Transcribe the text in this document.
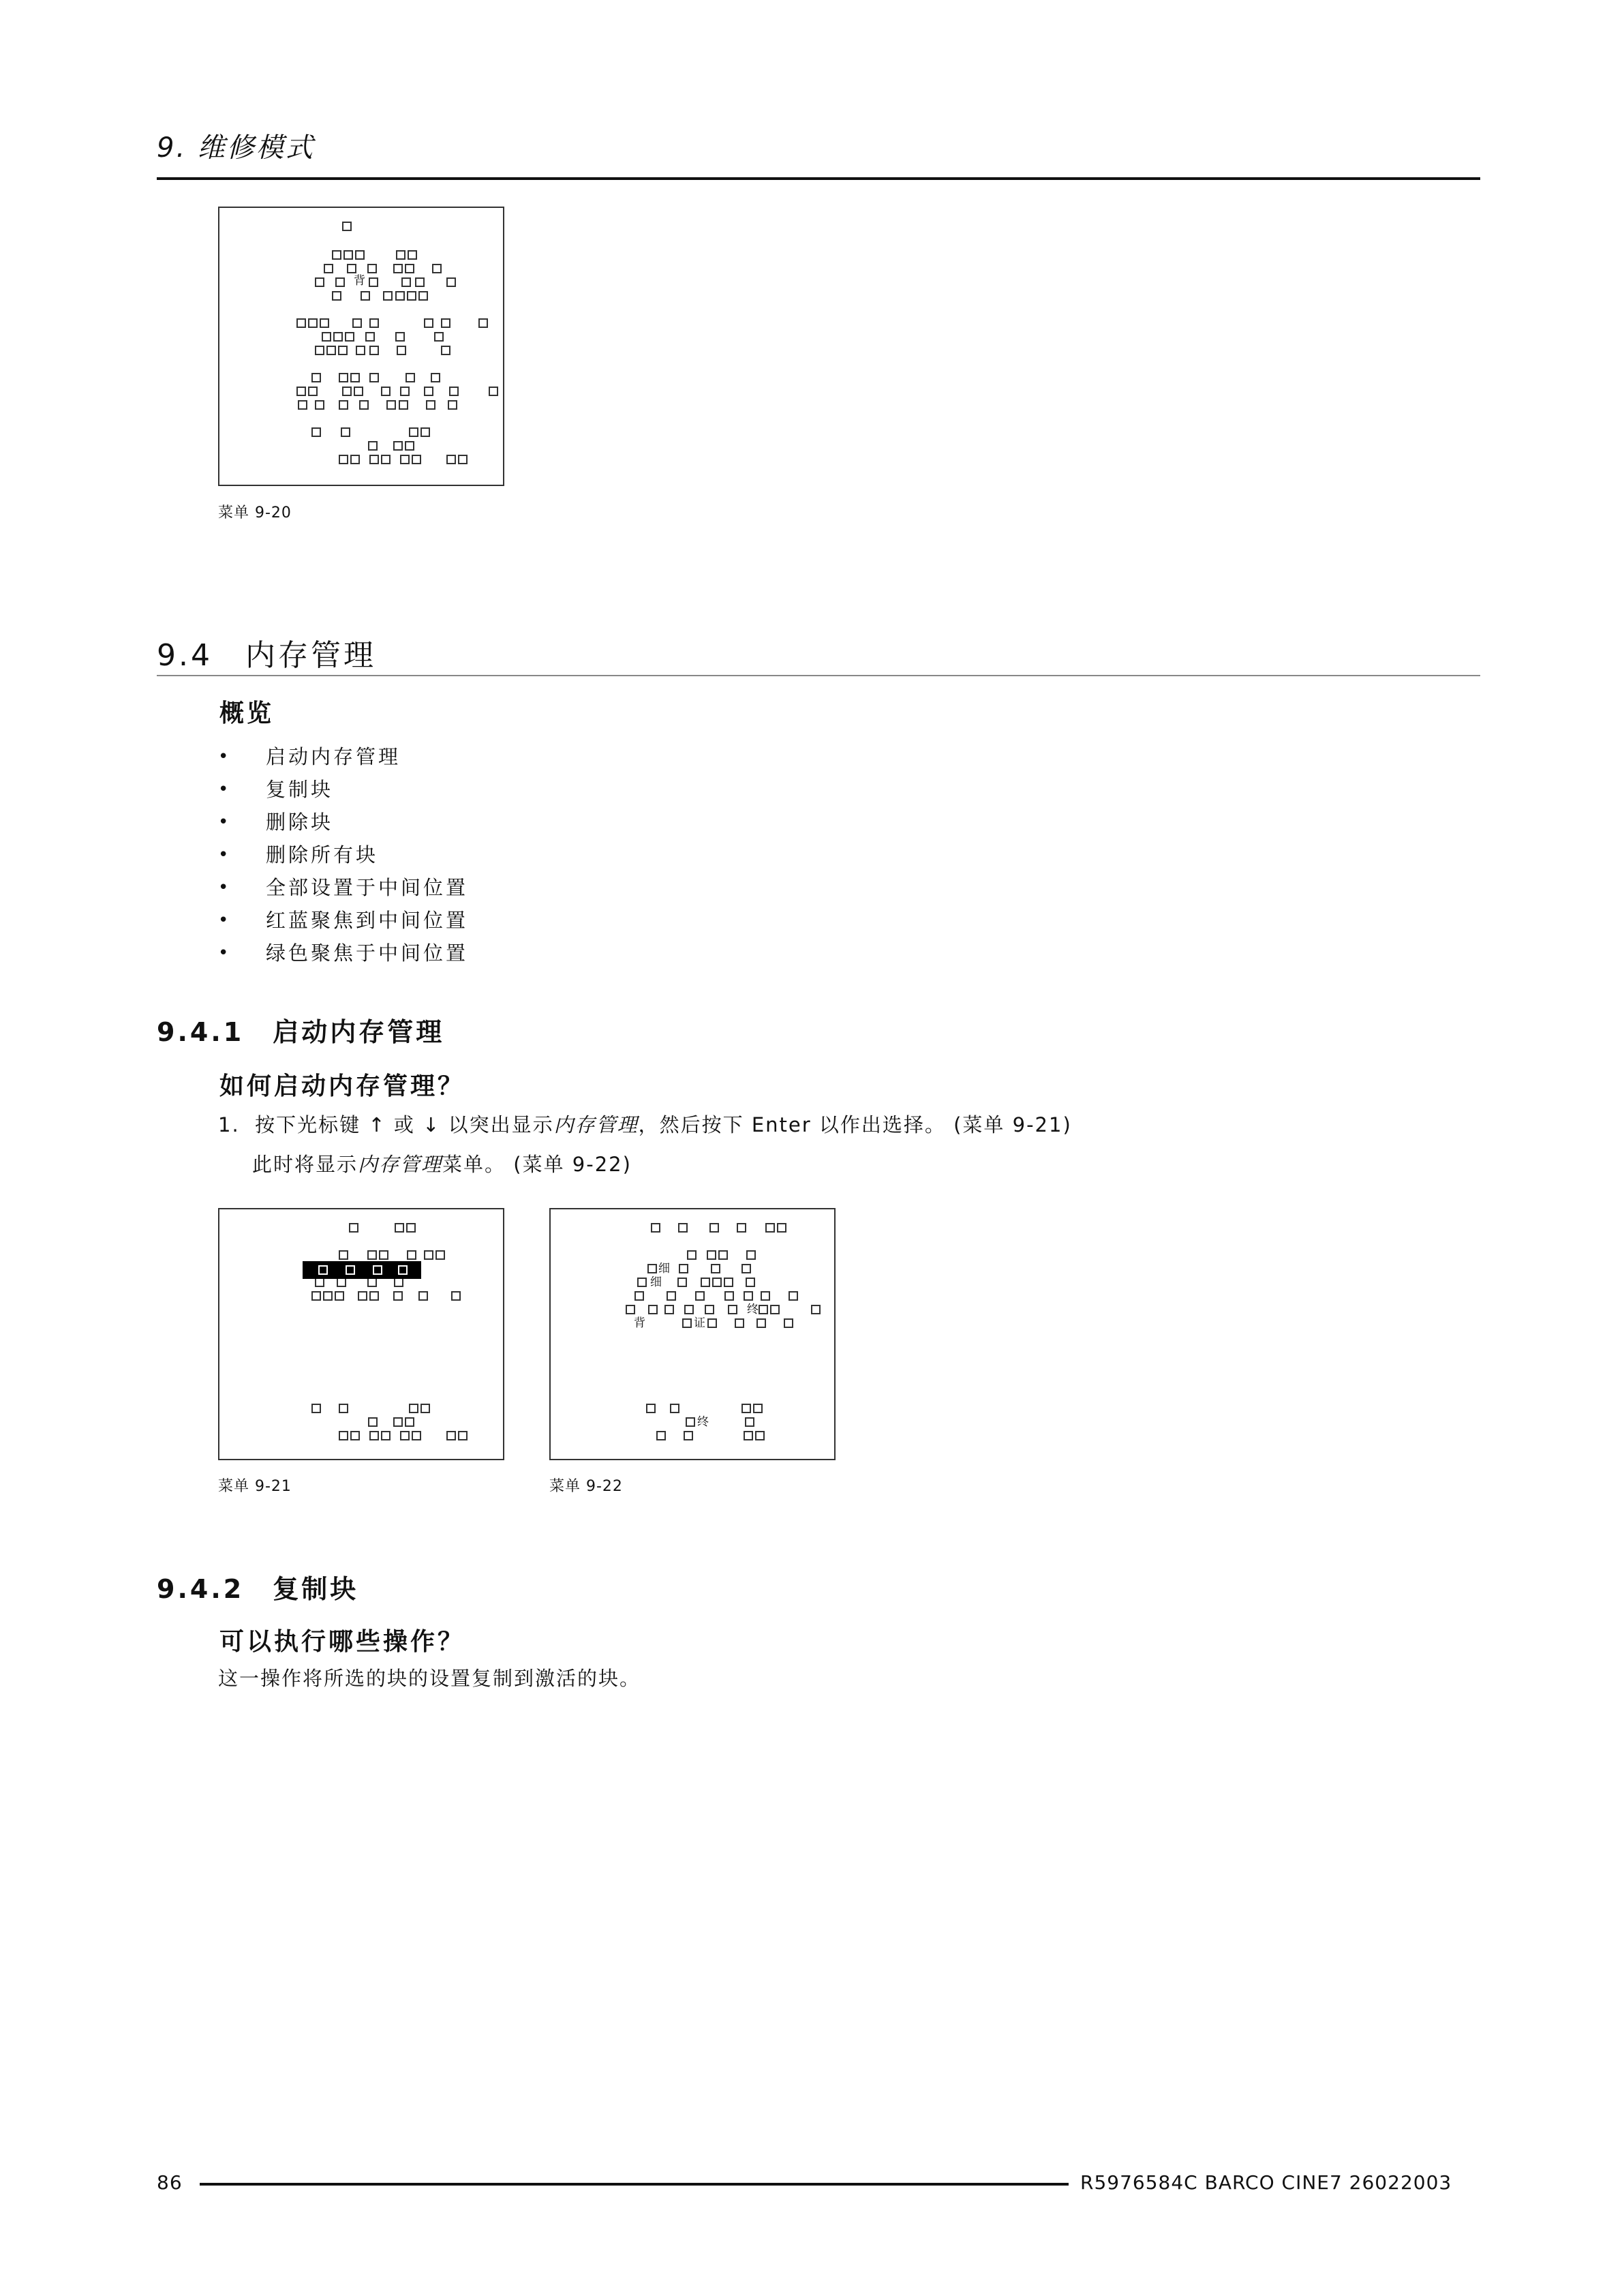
9. 维修模式
背
菜单 9-20
9.4　内存管理
概览
• 启动内存管理
• 复制块
• 删除块
• 删除所有块
• 全部设置于中间位置
• 红蓝聚焦到中间位置
• 绿色聚焦于中间位置
9.4.1　启动内存管理
如何启动内存管理？
1. 按下光标键 ↑ 或 ↓ 以突出显示内存管理，然后按下 Enter 以作出选择。 (菜单 9-21)
此时将显示内存管理菜单。 (菜单 9-22)
菜单 9-21
细
细
终
背	证
终
菜单 9-22
9.4.2　复制块
可以执行哪些操作？
这一操作将所选的块的设置复制到激活的块。
86	R5976584C BARCO CINE7 26022003
